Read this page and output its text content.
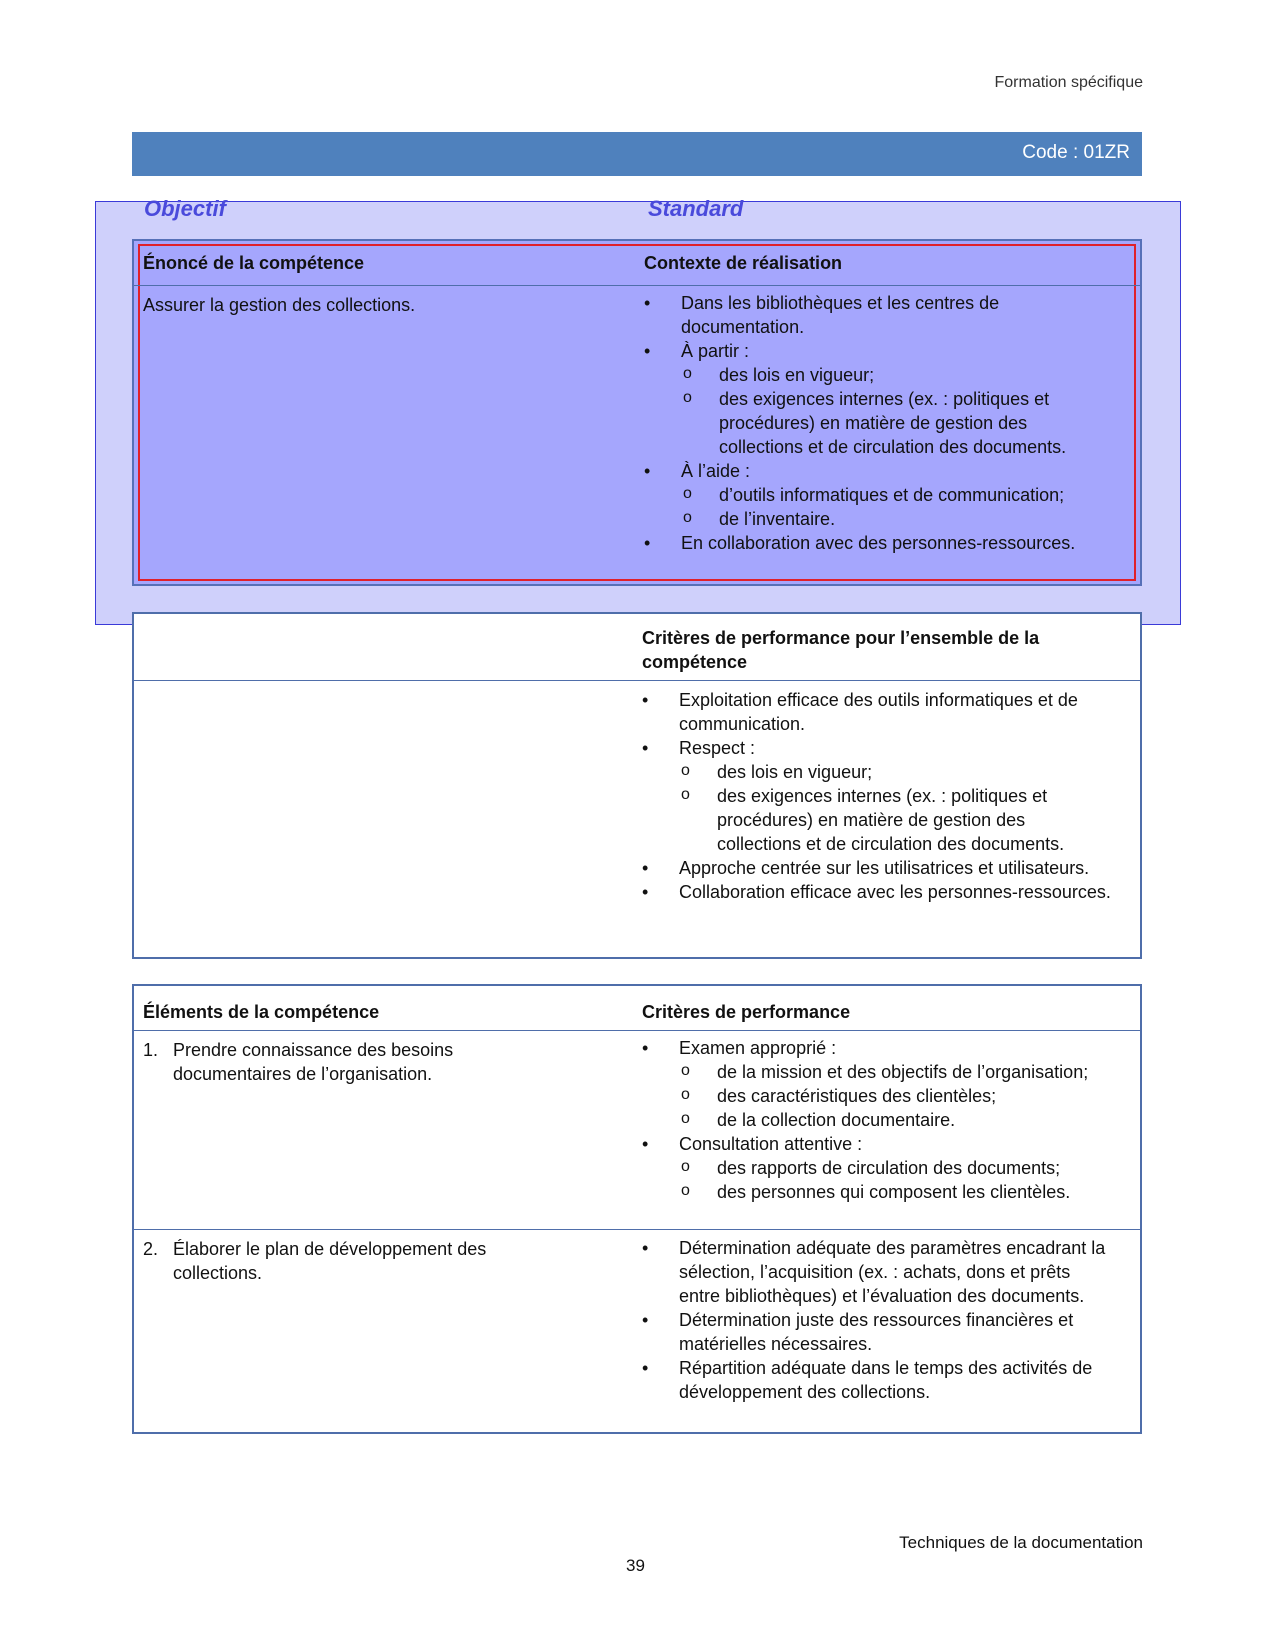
Formation spécifique
Code : 01ZR
Objectif	Standard
Énoncé de la compétence	Contexte de réalisation
Assurer la gestion des collections.
•	Dans les bibliothèques et les centres de documentation.
• À partir :
o des lois en vigueur;
o des exigences internes (ex. : politiques et procédures) en matière de gestion des collections et de circulation des documents.
• À l’aide :
o d’outils informatiques et de communication;
o de l’inventaire.
• En collaboration avec des personnes-ressources.
Critères de performance pour l’ensemble de la compétence
• Exploitation efficace des outils informatiques et de communication.
• Respect :
o des lois en vigueur;
o des exigences internes (ex. : politiques et procédures) en matière de gestion des collections et de circulation des documents.
• Approche centrée sur les utilisatrices et utilisateurs.
• Collaboration efficace avec les personnes-ressources.
Éléments de la compétence	Critères de performance
1. Prendre connaissance des besoins documentaires de l’organisation.
• Examen approprié :
o de la mission et des objectifs de l’organisation;
o des caractéristiques des clientèles;
o de la collection documentaire.
• Consultation attentive :
o des rapports de circulation des documents;
o des personnes qui composent les clientèles.
2. Élaborer le plan de développement des collections.
• Détermination adéquate des paramètres encadrant la sélection, l’acquisition (ex. : achats, dons et prêts entre bibliothèques) et l’évaluation des documents.
• Détermination juste des ressources financières et matérielles nécessaires.
• Répartition adéquate dans le temps des activités de développement des collections.
Techniques de la documentation
39
